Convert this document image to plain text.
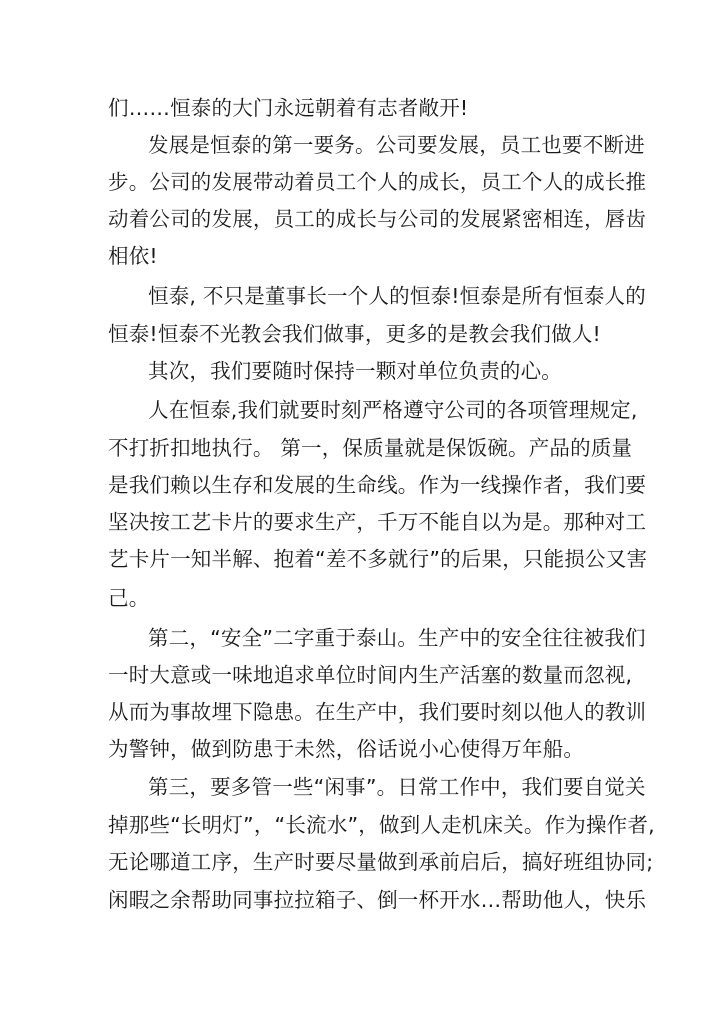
们……恒泰的大门永远朝着有志者敞开!
发展是恒泰的第一要务。公司要发展，员工也要不断进
步。公司的发展带动着员工个人的成长，员工个人的成长推
动着公司的发展，员工的成长与公司的发展紧密相连，唇齿
相依!
恒泰, 不只是董事长一个人的恒泰!恒泰是所有恒泰人的
恒泰!恒泰不光教会我们做事，更多的是教会我们做人!
其次，我们要随时保持一颗对单位负责的心。
人在恒泰,我们就要时刻严格遵守公司的各项管理规定,
不打折扣地执行。 第一，保质量就是保饭碗。产品的质量
是我们赖以生存和发展的生命线。作为一线操作者，我们要
坚决按工艺卡片的要求生产，千万不能自以为是。那种对工
艺卡片一知半解、抱着“差不多就行”的后果，只能损公又害
己。
第二，“安全”二字重于泰山。生产中的安全往往被我们
一时大意或一味地追求单位时间内生产活塞的数量而忽视,
从而为事故埋下隐患。在生产中，我们要时刻以他人的教训
为警钟，做到防患于未然，俗话说小心使得万年船。
第三，要多管一些“闲事”。日常工作中，我们要自觉关
掉那些“长明灯”，“长流水”，做到人走机床关。作为操作者,
无论哪道工序，生产时要尽量做到承前启后，搞好班组协同;
闲暇之余帮助同事拉拉箱子、倒一杯开水…帮助他人，快乐
